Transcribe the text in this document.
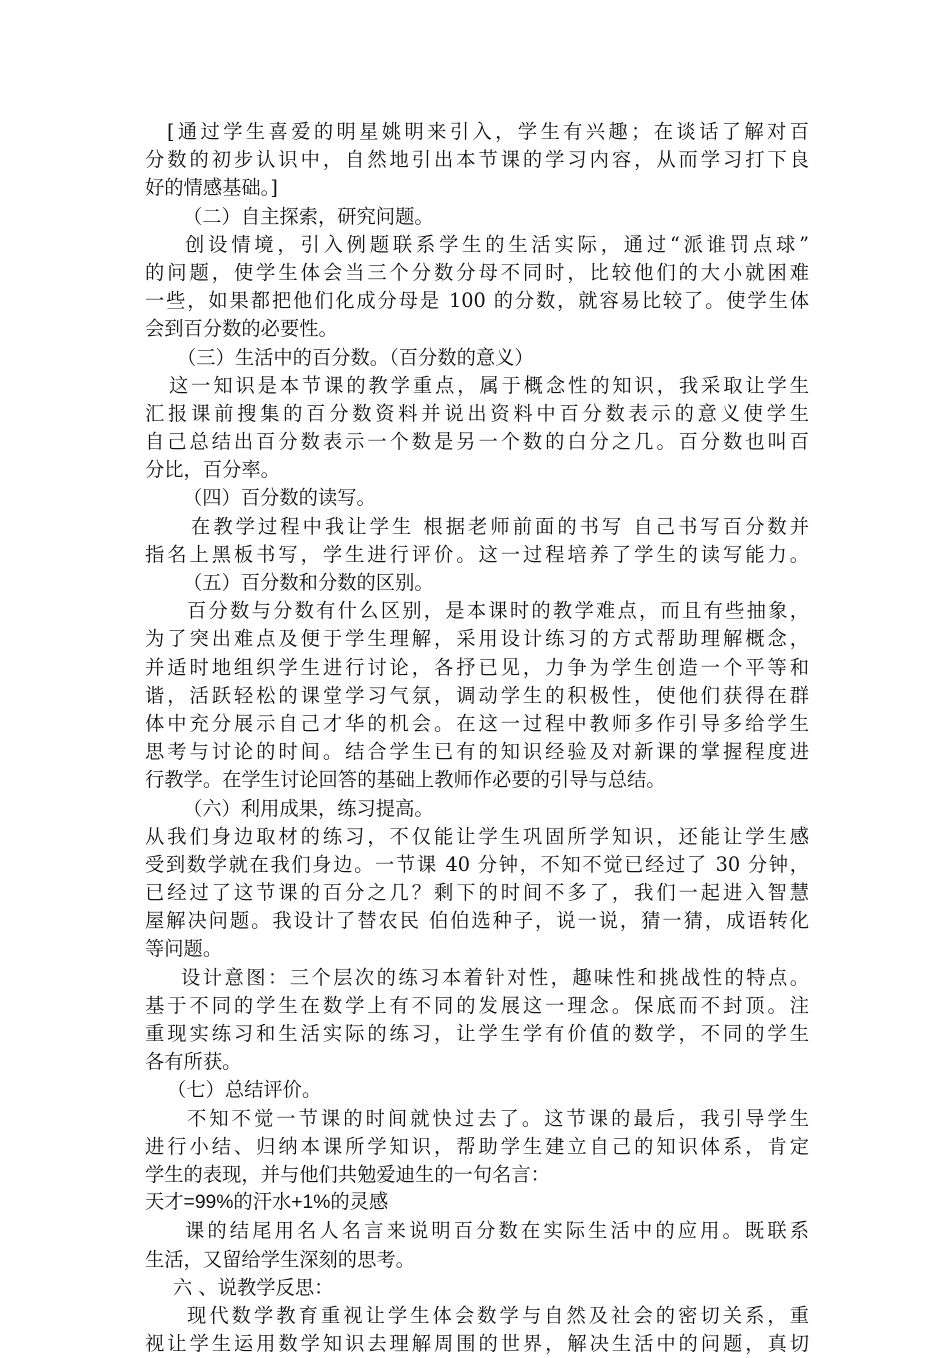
[通过学生喜爱的明星姚明来引入，学生有兴趣；在谈话了解对百
分数的初步认识中，自然地引出本节课的学习内容，从而学习打下良
好的情感基础。]
（二）自主探索，研究问题。
创设情境，引入例题联系学生的生活实际，通过“派谁罚点球”
的问题，使学生体会当三个分数分母不同时，比较他们的大小就困难
一些，如果都把他们化成分母是 100 的分数，就容易比较了。使学生体
会到百分数的必要性。
（三）生活中的百分数。（百分数的意义）
这一知识是本节课的教学重点，属于概念性的知识，我采取让学生
汇报课前搜集的百分数资料并说出资料中百分数表示的意义使学生
自己总结出百分数表示一个数是另一个数的白分之几。百分数也叫百
分比，百分率。
（四）百分数的读写。
在教学过程中我让学生 根据老师前面的书写 自己书写百分数并
指名上黑板书写，学生进行评价。这一过程培养了学生的读写能力。
（五）百分数和分数的区别。
百分数与分数有什么区别，是本课时的教学难点，而且有些抽象，
为了突出难点及便于学生理解，采用设计练习的方式帮助理解概念，
并适时地组织学生进行讨论，各抒已见，力争为学生创造一个平等和
谐，活跃轻松的课堂学习气氛，调动学生的积极性，使他们获得在群
体中充分展示自己才华的机会。在这一过程中教师多作引导多给学生
思考与讨论的时间。结合学生已有的知识经验及对新课的掌握程度进
行教学。在学生讨论回答的基础上教师作必要的引导与总结。
（六）利用成果，练习提高。
从我们身边取材的练习，不仅能让学生巩固所学知识，还能让学生感
受到数学就在我们身边。一节课 40 分钟，不知不觉已经过了 30 分钟，
已经过了这节课的百分之几？剩下的时间不多了，我们一起进入智慧
屋解决问题。我设计了替农民 伯伯选种子，说一说，猜一猜，成语转化
等问题。
设计意图：三个层次的练习本着针对性，趣味性和挑战性的特点。
基于不同的学生在数学上有不同的发展这一理念。保底而不封顶。注
重现实练习和生活实际的练习，让学生学有价值的数学，不同的学生
各有所获。
（七）总结评价。
不知不觉一节课的时间就快过去了。这节课的最后，我引导学生
进行小结、归纳本课所学知识，帮助学生建立自己的知识体系，肯定
学生的表现，并与他们共勉爱迪生的一句名言：
天才=99%的汗水+1%的灵感
课的结尾用名人名言来说明百分数在实际生活中的应用。既联系
生活，又留给学生深刻的思考。
六 、说教学反思：
现代数学教育重视让学生体会数学与自然及社会的密切关系，重
视让学生运用数学知识去理解周围的世界，解决生活中的问题，真切
